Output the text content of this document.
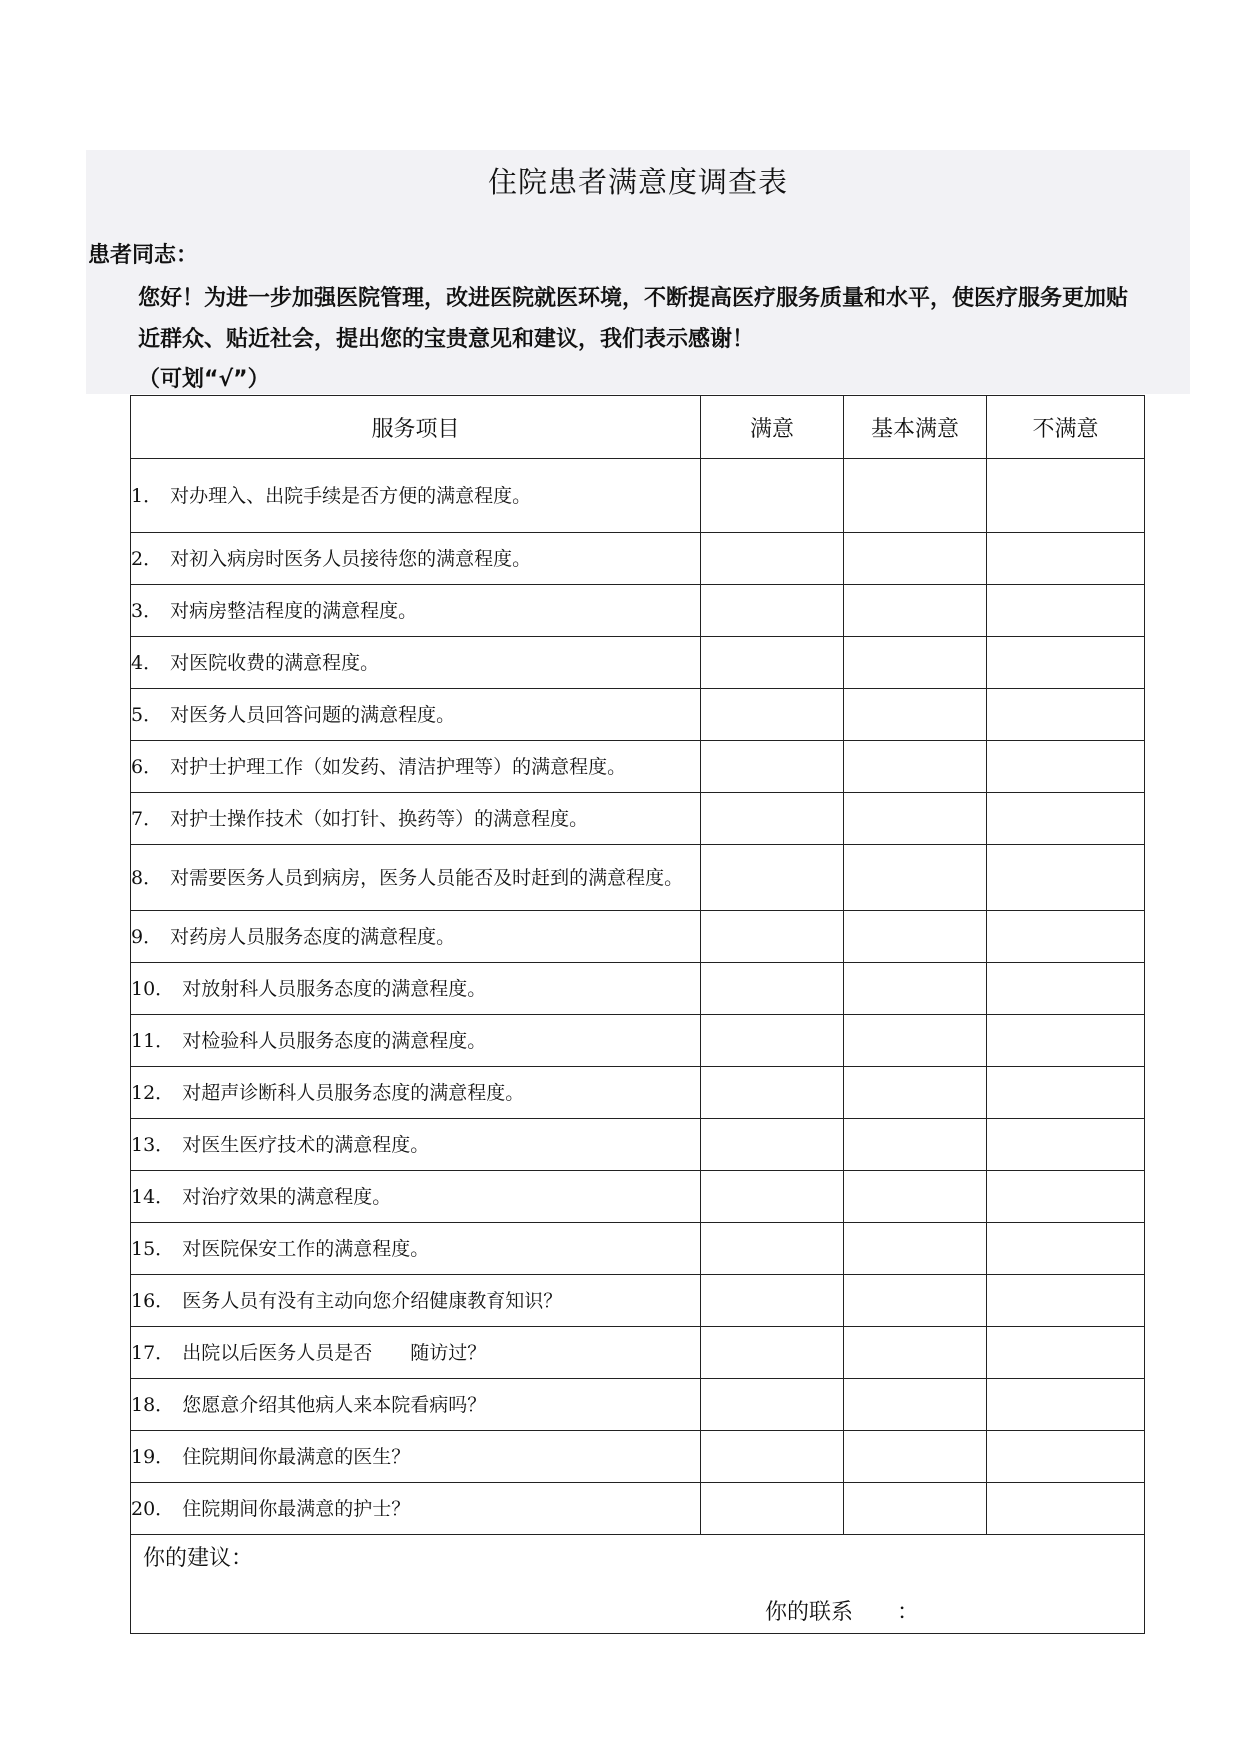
住院患者满意度调查表
患者同志：
您好！为进一步加强医院管理，改进医院就医环境，不断提高医疗服务质量和水平，使医疗服务更加贴近群众、贴近社会，提出您的宝贵意见和建议，我们表示感谢！
（可划“√”）
服务项目	满意	基本满意	不满意
1． 对办理入、出院手续是否方便的满意程度。			
2． 对初入病房时医务人员接待您的满意程度。			
3． 对病房整洁程度的满意程度。			
4． 对医院收费的满意程度。			
5． 对医务人员回答问题的满意程度。			
6． 对护士护理工作（如发药、清洁护理等）的满意程度。			
7． 对护士操作技术（如打针、换药等）的满意程度。			
8． 对需要医务人员到病房，医务人员能否及时赶到的满意程度。			
9． 对药房人员服务态度的满意程度。			
10． 对放射科人员服务态度的满意程度。			
11． 对检验科人员服务态度的满意程度。			
12． 对超声诊断科人员服务态度的满意程度。			
13． 对医生医疗技术的满意程度。			
14． 对治疗效果的满意程度。			
15． 对医院保安工作的满意程度。			
16． 医务人员有没有主动向您介绍健康教育知识？			
17． 出院以后医务人员是否　　随访过？			
18． 您愿意介绍其他病人来本院看病吗？			
19． 住院期间你最满意的医生？			
20． 住院期间你最满意的护士？			

你的建议：
你的联系　　：			
